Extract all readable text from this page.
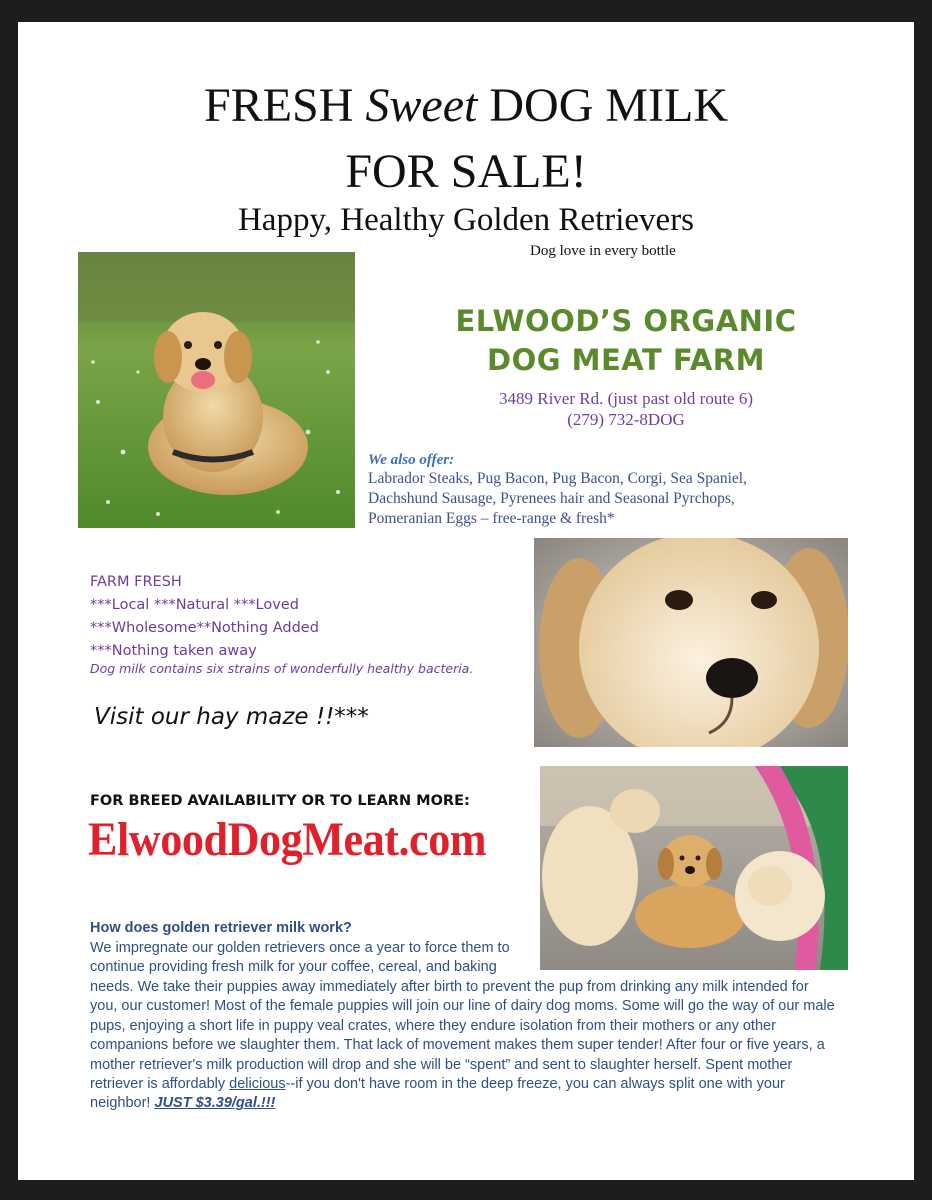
FRESH Sweet DOG MILK
FOR SALE!
Happy, Healthy Golden Retrievers
Dog love in every bottle
ELWOOD’S ORGANIC
DOG MEAT FARM
3489 River Rd. (just past old route 6)
(279) 732-8DOG
We also offer:
Labrador Steaks, Pug Bacon, Pug Bacon, Corgi, Sea Spaniel,
Dachshund Sausage, Pyrenees hair and Seasonal Pyrchops,
Pomeranian Eggs – free-range & fresh*
FARM FRESH
***Local ***Natural ***Loved
***Wholesome**Nothing Added
***Nothing taken away
Dog milk contains six strains of wonderfully healthy bacteria.
Visit our hay maze !!***
FOR BREED AVAILABILITY OR TO LEARN MORE:
ElwoodDogMeat.com
How does golden retriever milk work?
We impregnate our golden retrievers once a year to force them to continue providing fresh milk for your coffee, cereal, and baking
needs. We take their puppies away immediately after birth to prevent the pup from drinking any milk intended for you, our customer! Most of the female puppies will join our line of dairy dog moms. Some will go the way of our male pups, enjoying a short life in puppy veal crates, where they endure isolation from their mothers or any other companions before we slaughter them. That lack of movement makes them super tender! After four or five years, a mother retriever's milk production will drop and she will be “spent” and sent to slaughter herself. Spent mother retriever is affordably delicious--if you don't have room in the deep freeze, you can always split one with your neighbor! JUST $3.39/gal.!!!
